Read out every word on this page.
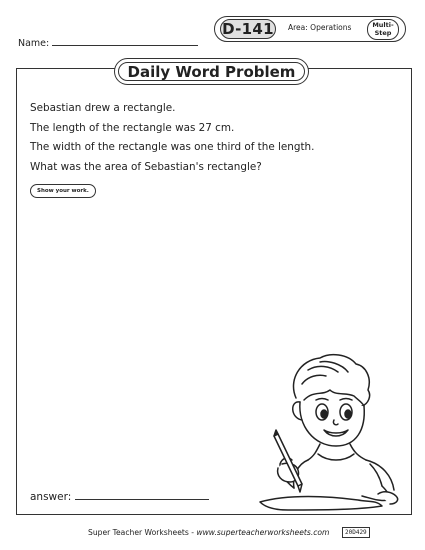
Name:
D-141 Area: Operations	Multi-
Step
Daily Word Problem

Sebastian drew a rectangle.

The length of the rectangle was 27 cm.

The width of the rectangle was one third of the length.

What was the area of Sebastian's rectangle?

Show your work.
answer:
Super Teacher Worksheets - www.superteacherworksheets.com	20D429
